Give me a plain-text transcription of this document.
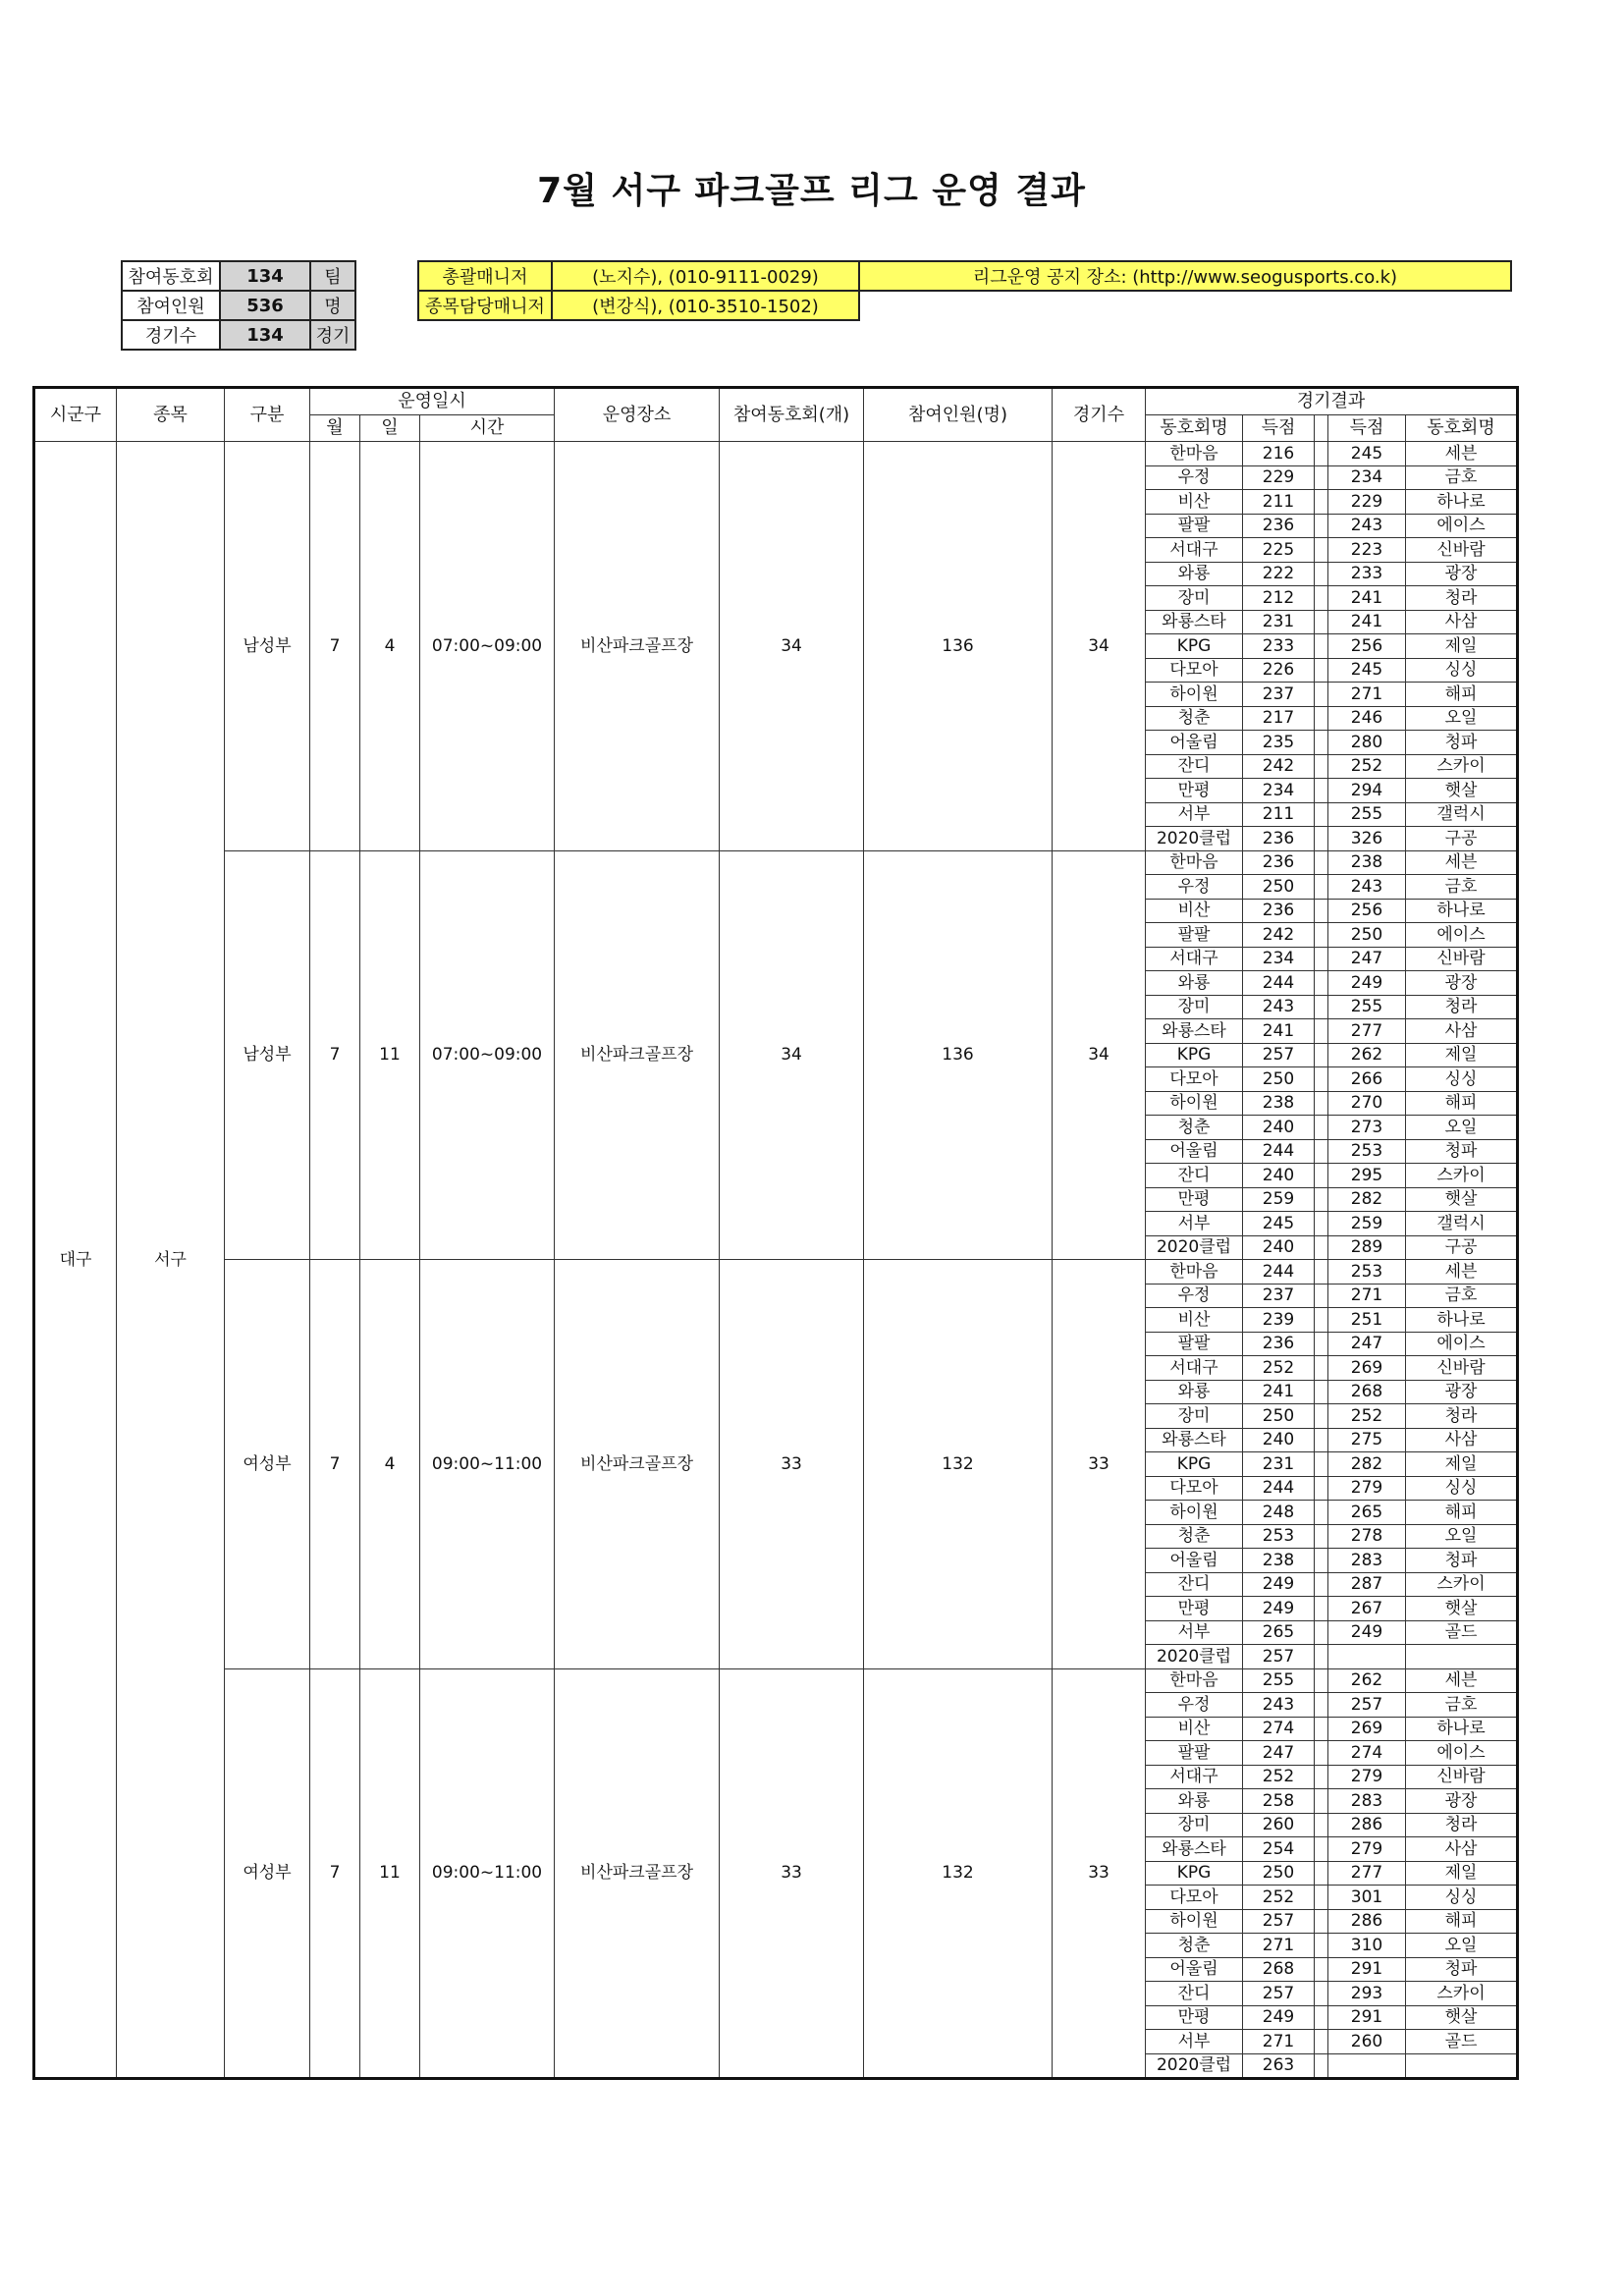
7월 서구 파크골프 리그 운영 결과
참여동호회	134	팀
참여인원	536	명
경기수	134	경기
총괄매니저	(노지수), (010-9111-0029)	리그운영 공지 장소: (http://www.seogusports.co.k)
종목담당매니저	(변강식), (010-3510-1502)	
시군구	종목	구분	운영일시			운영장소	참여동호회(개)	참여인원(명)	경기수	경기결과				
			월	일	시간					동호회명	득점		득점	동호회명
대구	서구	남성부	7	4	07:00~09:00	비산파크골프장	34	136	34	한마음	216		245	세븐
										우정	229		234	금호
										비산	211		229	하나로
										팔팔	236		243	에이스
										서대구	225		223	신바람
										와룡	222		233	광장
										장미	212		241	청라
										와룡스타	231		241	사삼
										KPG	233		256	제일
										다모아	226		245	싱싱
										하이원	237		271	해피
										청춘	217		246	오일
										어울림	235		280	청파
										잔디	242		252	스카이
										만평	234		294	햇살
										서부	211		255	갤럭시
										2020클럽	236		326	구공
		남성부	7	11	07:00~09:00	비산파크골프장	34	136	34	한마음	236		238	세븐
										우정	250		243	금호
										비산	236		256	하나로
										팔팔	242		250	에이스
										서대구	234		247	신바람
										와룡	244		249	광장
										장미	243		255	청라
										와룡스타	241		277	사삼
										KPG	257		262	제일
										다모아	250		266	싱싱
										하이원	238		270	해피
										청춘	240		273	오일
										어울림	244		253	청파
										잔디	240		295	스카이
										만평	259		282	햇살
										서부	245		259	갤럭시
										2020클럽	240		289	구공
		여성부	7	4	09:00~11:00	비산파크골프장	33	132	33	한마음	244		253	세븐
										우정	237		271	금호
										비산	239		251	하나로
										팔팔	236		247	에이스
										서대구	252		269	신바람
										와룡	241		268	광장
										장미	250		252	청라
										와룡스타	240		275	사삼
										KPG	231		282	제일
										다모아	244		279	싱싱
										하이원	248		265	해피
										청춘	253		278	오일
										어울림	238		283	청파
										잔디	249		287	스카이
										만평	249		267	햇살
										서부	265		249	골드
										2020클럽	257			
		여성부	7	11	09:00~11:00	비산파크골프장	33	132	33	한마음	255		262	세븐
										우정	243		257	금호
										비산	274		269	하나로
										팔팔	247		274	에이스
										서대구	252		279	신바람
										와룡	258		283	광장
										장미	260		286	청라
										와룡스타	254		279	사삼
										KPG	250		277	제일
										다모아	252		301	싱싱
										하이원	257		286	해피
										청춘	271		310	오일
										어울림	268		291	청파
										잔디	257		293	스카이
										만평	249		291	햇살
										서부	271		260	골드
										2020클럽	263			
